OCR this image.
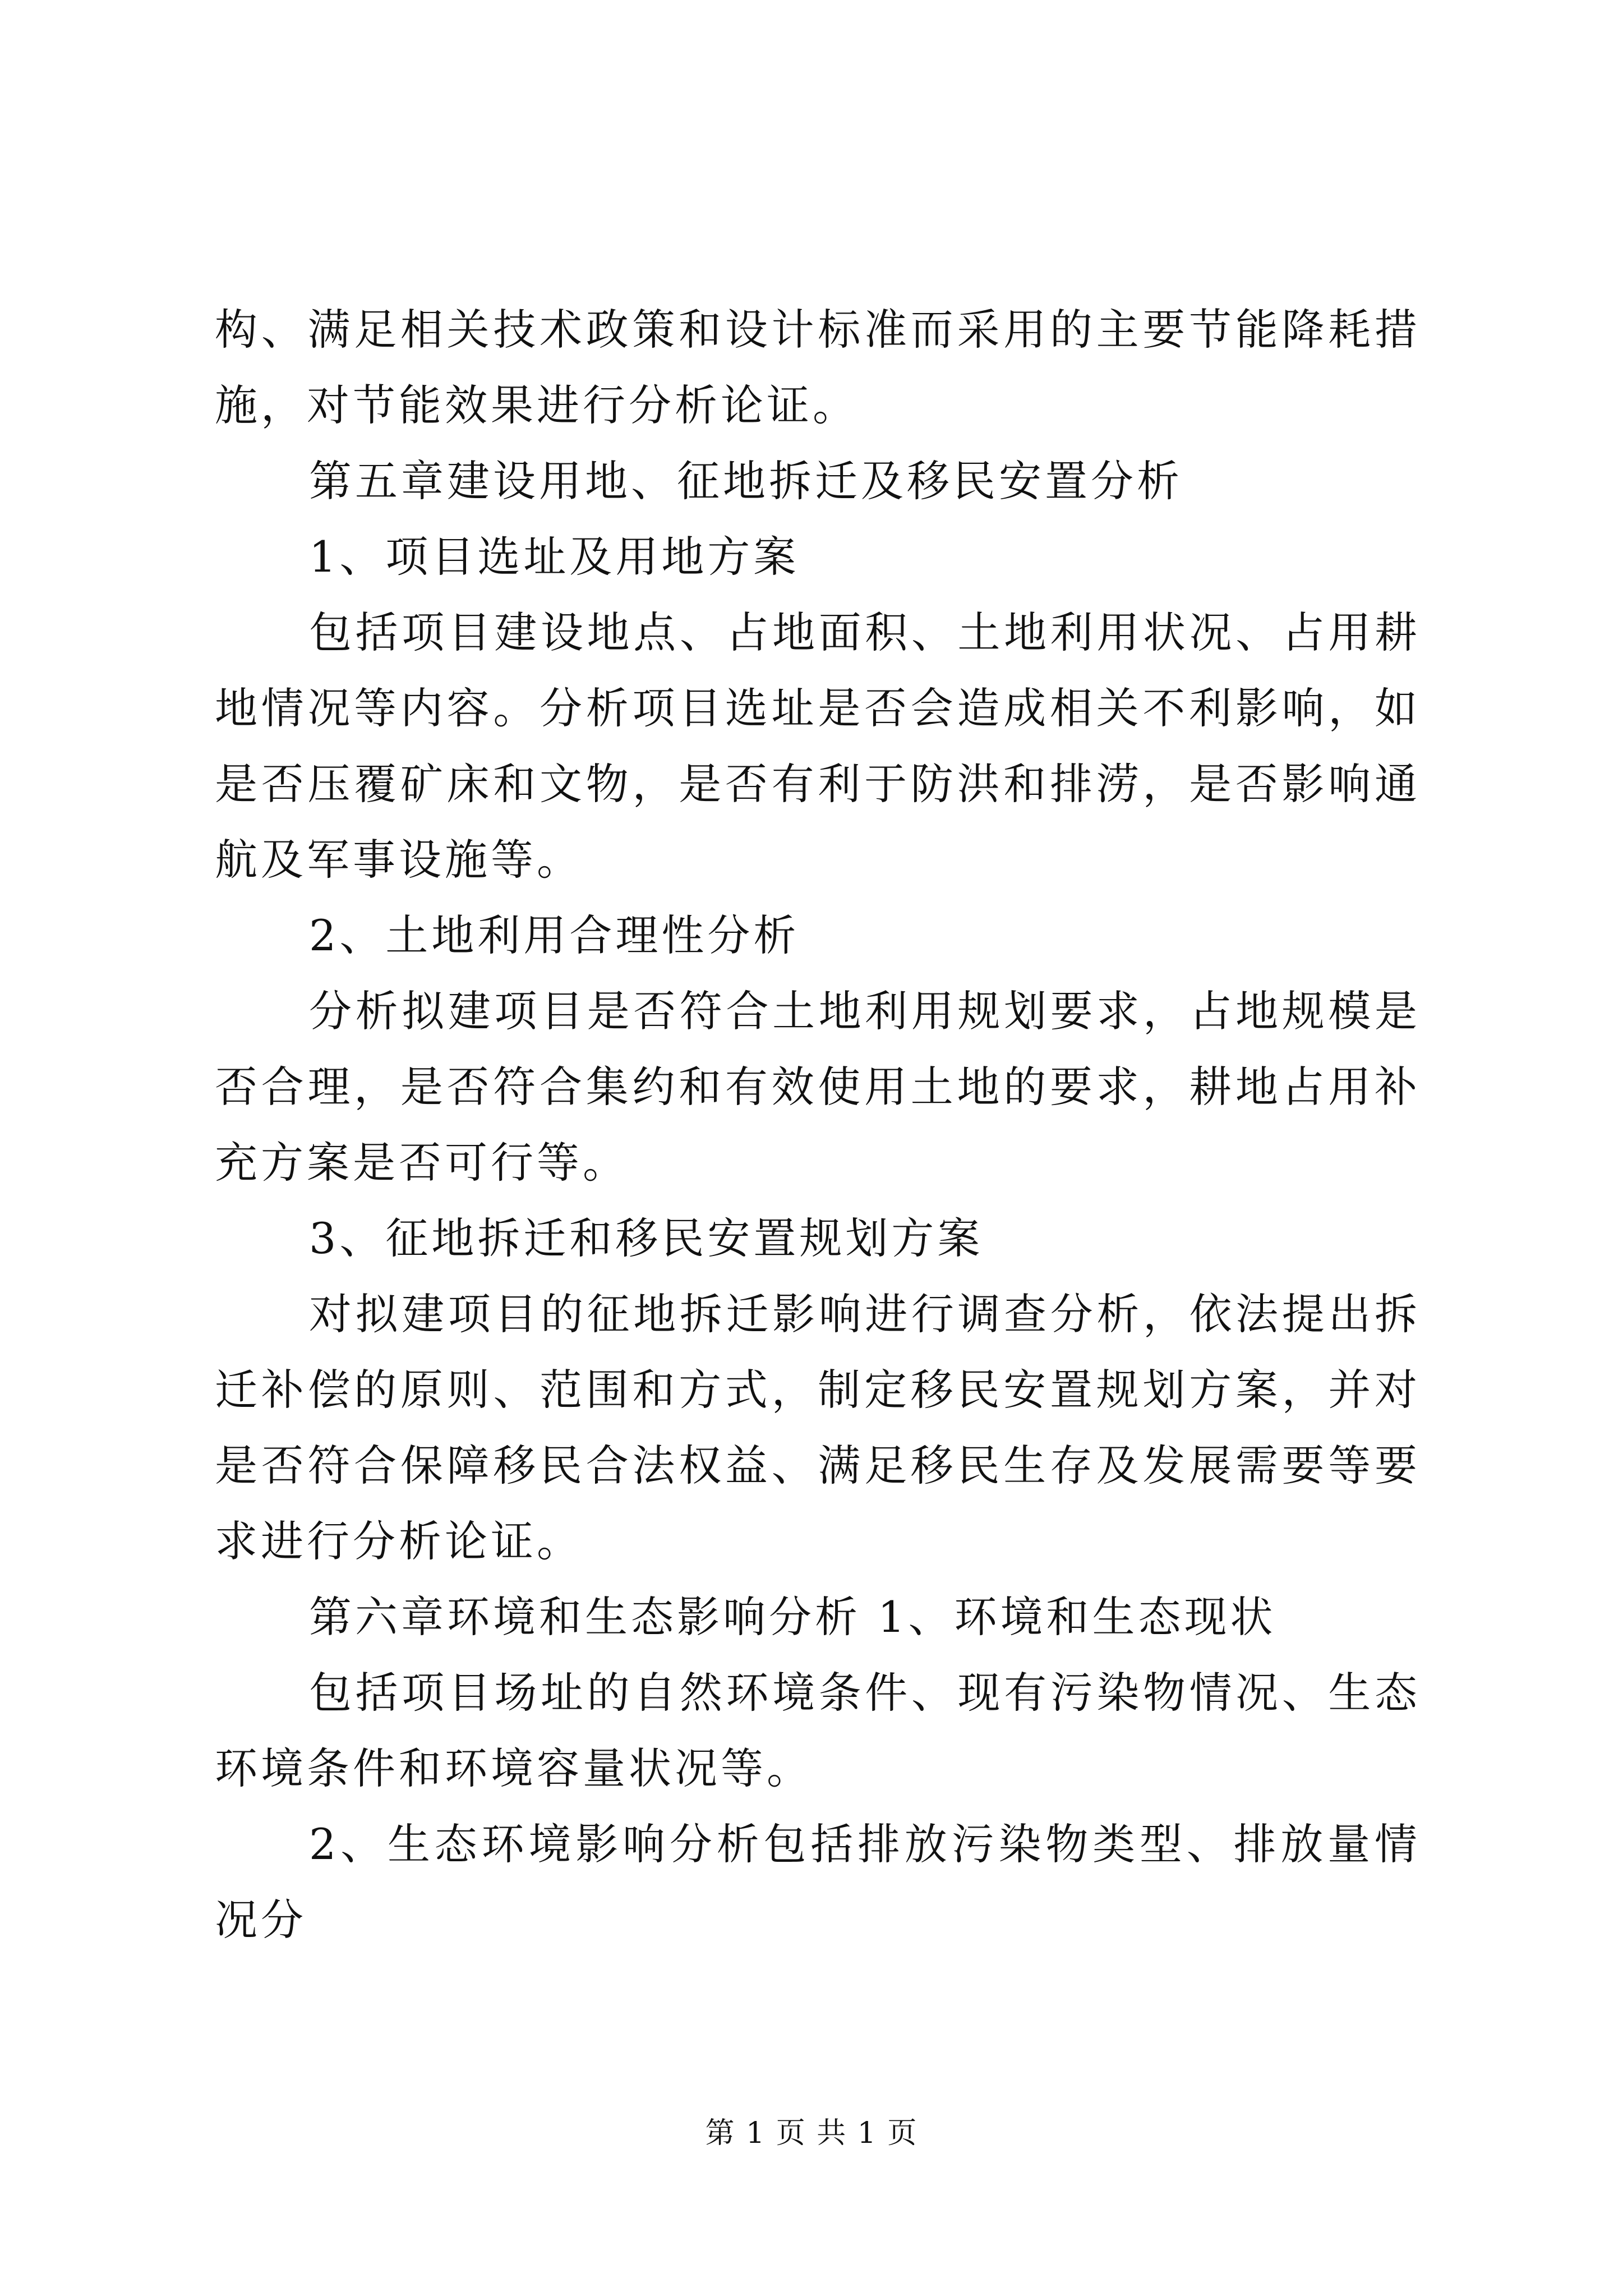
构、满足相关技术政策和设计标准而采用的主要节能降耗措施，对节能效果进行分析论证。

第五章建设用地、征地拆迁及移民安置分析

1、项目选址及用地方案

包括项目建设地点、占地面积、土地利用状况、占用耕地情况等内容。分析项目选址是否会造成相关不利影响，如是否压覆矿床和文物，是否有利于防洪和排涝，是否影响通航及军事设施等。

2、土地利用合理性分析

分析拟建项目是否符合土地利用规划要求，占地规模是否合理，是否符合集约和有效使用土地的要求，耕地占用补充方案是否可行等。

3、征地拆迁和移民安置规划方案

对拟建项目的征地拆迁影响进行调查分析，依法提出拆迁补偿的原则、范围和方式，制定移民安置规划方案，并对是否符合保障移民合法权益、满足移民生存及发展需要等要求进行分析论证。

第六章环境和生态影响分析 1、环境和生态现状

包括项目场址的自然环境条件、现有污染物情况、生态环境条件和环境容量状况等。

2、生态环境影响分析包括排放污染物类型、排放量情况分

第 1 页 共 1 页
